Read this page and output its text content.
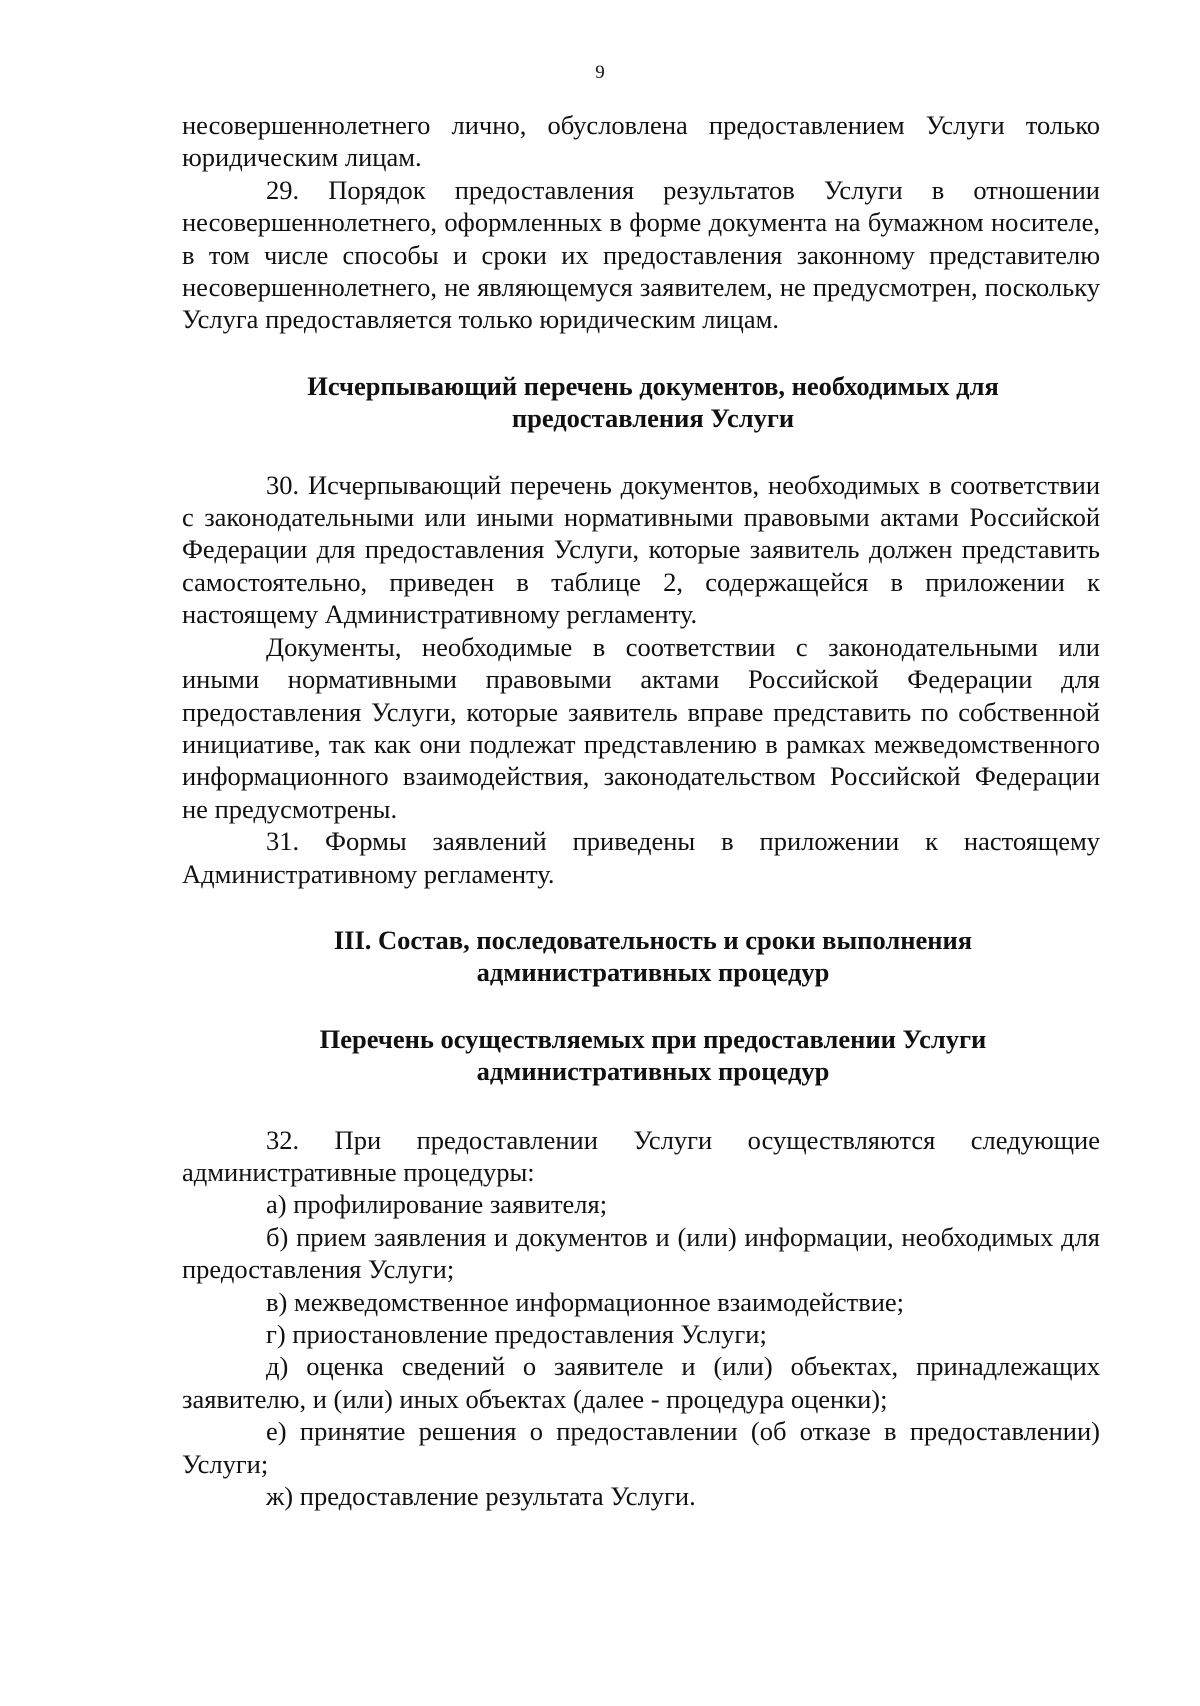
9

несовершеннолетнего лично, обусловлена предоставлением Услуги только юридическим лицам.

29. Порядок предоставления результатов Услуги в отношении несовершеннолетнего, оформленных в форме документа на бумажном носителе, в том числе способы и сроки их предоставления законному представителю несовершеннолетнего, не являющемуся заявителем, не предусмотрен, поскольку Услуга предоставляется только юридическим лицам.

Исчерпывающий перечень документов, необходимых для

предоставления Услуги

30. Исчерпывающий перечень документов, необходимых в соответствии с законодательными или иными нормативными правовыми актами Российской Федерации для предоставления Услуги, которые заявитель должен представить самостоятельно, приведен в таблице 2, содержащейся в приложении к настоящему Административному регламенту.

Документы, необходимые в соответствии с законодательными или иными нормативными правовыми актами Российской Федерации для предоставления Услуги, которые заявитель вправе представить по собственной инициативе, так как они подлежат представлению в рамках межведомственного информационного взаимодействия, законодательством Российской Федерации не предусмотрены.

31. Формы заявлений приведены в приложении к настоящему Административному регламенту.

III. Состав, последовательность и сроки выполнения

административных процедур

Перечень осуществляемых при предоставлении Услуги

административных процедур

32. При предоставлении Услуги осуществляются следующие административные процедуры:

а) профилирование заявителя;

б) прием заявления и документов и (или) информации, необходимых для предоставления Услуги;

в) межведомственное информационное взаимодействие;

г) приостановление предоставления Услуги;

д) оценка сведений о заявителе и (или) объектах, принадлежащих заявителю, и (или) иных объектах (далее - процедура оценки);

е) принятие решения о предоставлении (об отказе в предоставлении) Услуги;

ж) предоставление результата Услуги.
